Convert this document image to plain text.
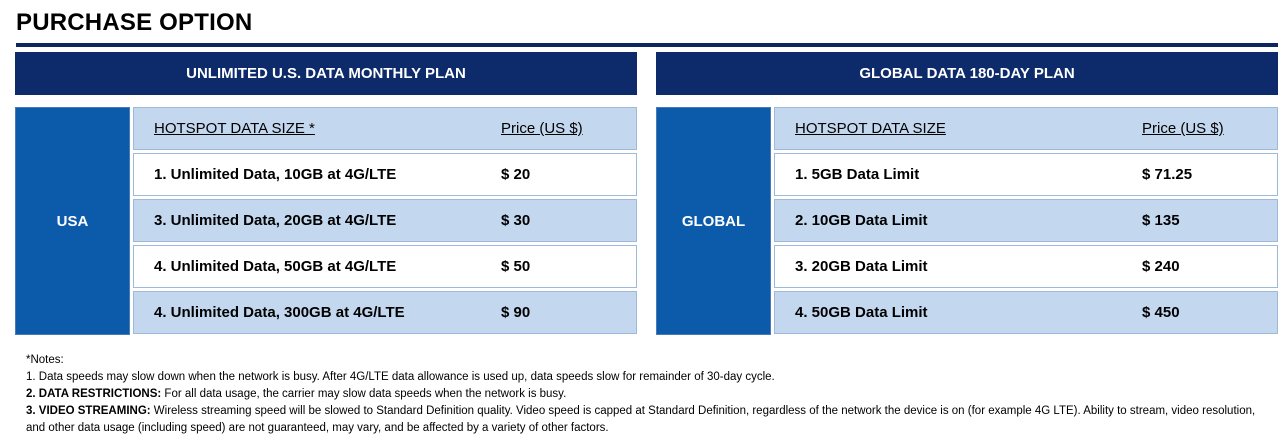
PURCHASE OPTION
UNLIMITED U.S. DATA MONTHLY PLAN
USA
HOTSPOT DATA SIZE *	Price (US $)
1. Unlimited Data, 10GB at 4G/LTE	$ 20
3. Unlimited Data, 20GB at 4G/LTE	$ 30
4. Unlimited Data, 50GB at 4G/LTE	$ 50
4. Unlimited Data, 300GB at 4G/LTE	$ 90
GLOBAL DATA 180-DAY PLAN
GLOBAL
HOTSPOT DATA SIZE	Price (US $)
1. 5GB Data Limit	$ 71.25
2. 10GB Data Limit	$ 135
3. 20GB Data Limit	$ 240
4. 50GB Data Limit	$ 450

*Notes:

1. Data speeds may slow down when the network is busy. After 4G/LTE data allowance is used up, data speeds slow for remainder of 30-day cycle.

2. DATA RESTRICTIONS: For all data usage, the carrier may slow data speeds when the network is busy.

3. VIDEO STREAMING: Wireless streaming speed will be slowed to Standard Definition quality. Video speed is capped at Standard Definition, regardless of the network the device is on (for example 4G LTE). Ability to stream, video resolution, and other data usage (including speed) are not guaranteed, may vary, and be affected by a variety of other factors.
